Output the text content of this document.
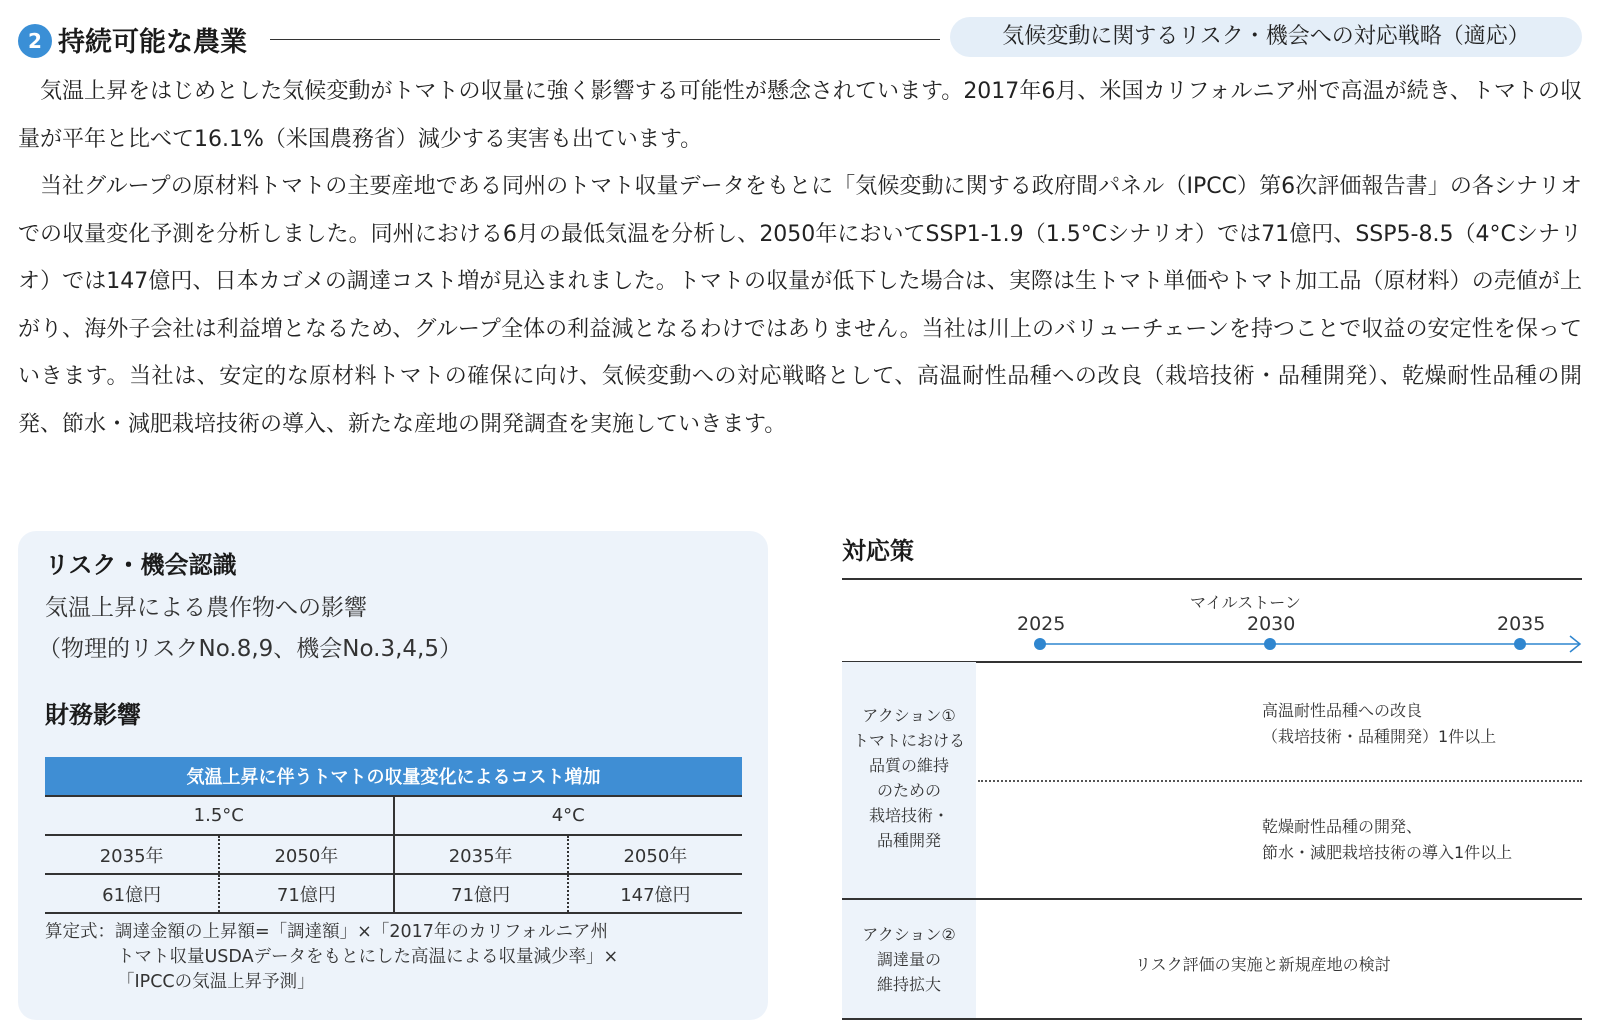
2 持続可能な農業	気候変動に関するリスク・機会への対応戦略（適応）

気温上昇をはじめとした気候変動がトマトの収量に強く影響する可能性が懸念されています。2017年6月、米国カリフォルニア州で高温が続き、トマトの収量が平年と比べて16.1%（米国農務省）減少する実害も出ています。

当社グループの原材料トマトの主要産地である同州のトマト収量データをもとに「気候変動に関する政府間パネル（IPCC）第6次評価報告書」の各シナリオでの収量変化予測を分析しました。同州における6月の最低気温を分析し、2050年においてSSP1-1.9（1.5°Cシナリオ）では71億円、SSP5-8.5（4°Cシナリオ）では147億円、日本カゴメの調達コスト増が見込まれました。トマトの収量が低下した場合は、実際は生トマト単価やトマト加工品（原材料）の売値が上がり、海外子会社は利益増となるため、グループ全体の利益減となるわけではありません。当社は川上のバリューチェーンを持つことで収益の安定性を保っていきます。当社は、安定的な原材料トマトの確保に向け、気候変動への対応戦略として、高温耐性品種への改良（栽培技術・品種開発）、乾燥耐性品種の開発、節水・減肥栽培技術の導入、新たな産地の開発調査を実施していきます。

リスク・機会認識
気温上昇による農作物への影響
（物理的リスクNo.8,9、機会No.3,4,5）
財務影響
気温上昇に伴うトマトの収量変化によるコスト増加			
1.5°C		4°C	
2035年	2050年	2035年	2050年
61億円	71億円	71億円	147億円
算定式：調達金額の上昇額=「調達額」×「2017年のカリフォルニア州
トマト収量USDAデータをもとにした高温による収量減少率」×
「IPCCの気温上昇予測」
対応策
マイルストーン
2025	2030	2035
アクション①
トマトにおける
品質の維持
のための
栽培技術・
品種開発
高温耐性品種への改良
（栽培技術・品種開発）1件以上
乾燥耐性品種の開発、
節水・減肥栽培技術の導入1件以上
アクション②
調達量の
維持拡大
リスク評価の実施と新規産地の検討
